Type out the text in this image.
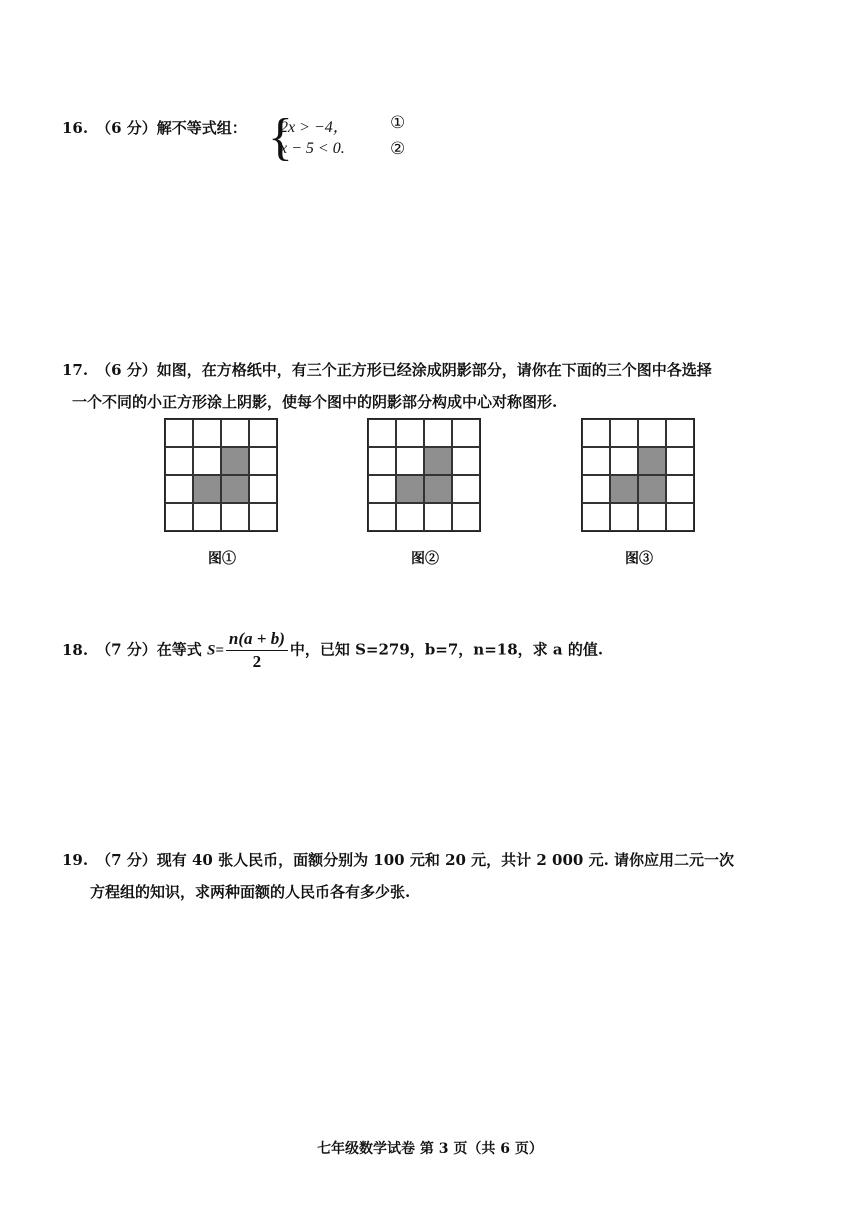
16. （6 分）解不等式组： {
2x > −4，
x − 5 < 0.
①
②
17. （6 分）如图，在方格纸中，有三个正方形已经涂成阴影部分，请你在下面的三个图中各选择
一个不同的小正方形涂上阴影，使每个图中的阴影部分构成中心对称图形.
图①	图②	图③
18. （7 分）在等式 $S= \frac{n(a + b)}{2}$ 中，已知 S=279，b=7，n=18，求 a 的值.
19. （7 分）现有 40 张人民币，面额分别为 100 元和 20 元，共计 2 000 元. 请你应用二元一次
方程组的知识，求两种面额的人民币各有多少张.
七年级数学试卷 第 3 页（共 6 页）
